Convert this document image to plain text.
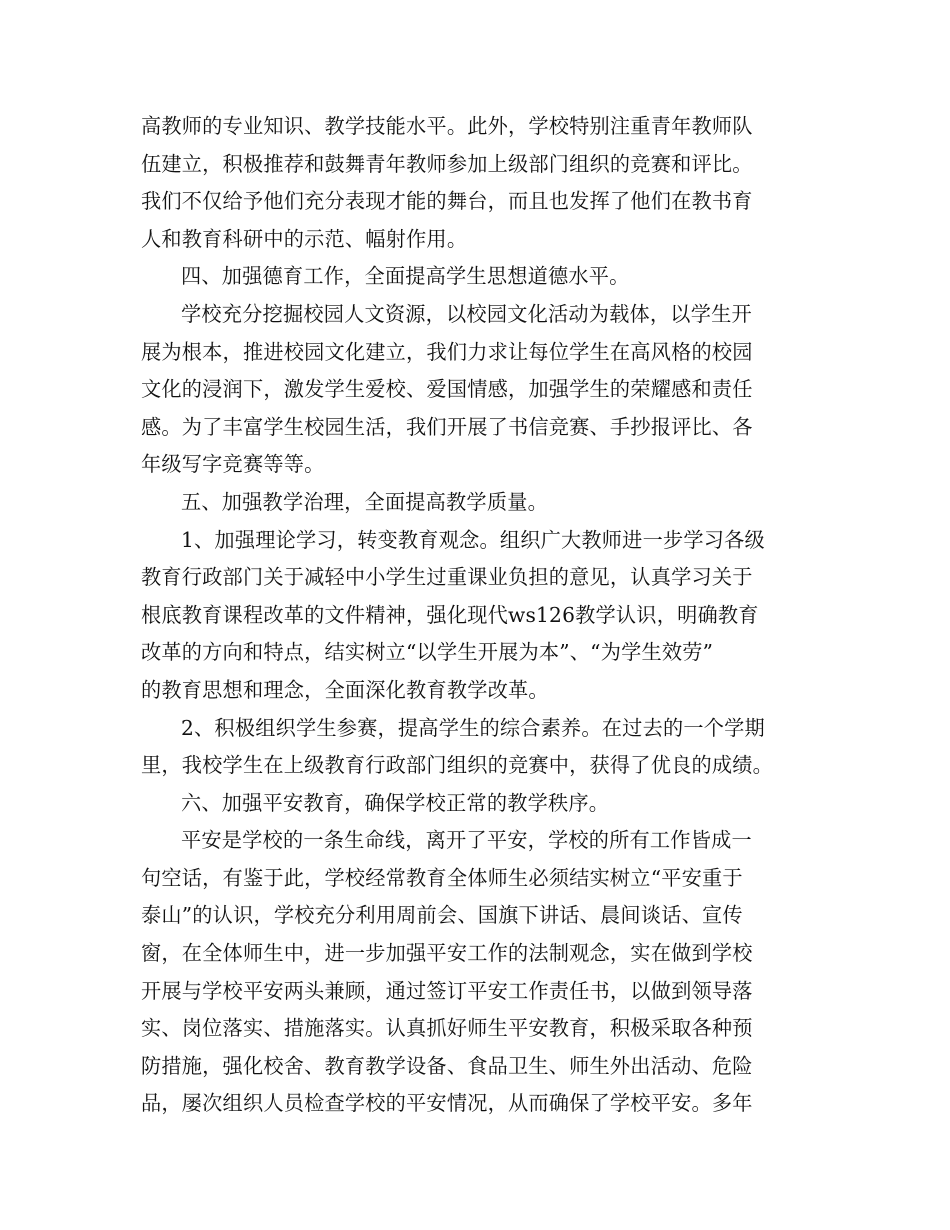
高教师的专业知识、教学技能水平。此外，学校特别注重青年教师队

伍建立，积极推荐和鼓舞青年教师参加上级部门组织的竞赛和评比。

我们不仅给予他们充分表现才能的舞台，而且也发挥了他们在教书育

人和教育科研中的示范、幅射作用。

四、加强德育工作，全面提高学生思想道德水平。

学校充分挖掘校园人文资源，以校园文化活动为载体，以学生开

展为根本，推进校园文化建立，我们力求让每位学生在高风格的校园

文化的浸润下，激发学生爱校、爱国情感，加强学生的荣耀感和责任

感。为了丰富学生校园生活，我们开展了书信竞赛、手抄报评比、各

年级写字竞赛等等。

五、加强教学治理，全面提高教学质量。

1、加强理论学习，转变教育观念。组织广大教师进一步学习各级

教育行政部门关于减轻中小学生过重课业负担的意见，认真学习关于

根底教育课程改革的文件精神，强化现代ws126教学认识，明确教育

改革的方向和特点，结实树立“以学生开展为本”、“为学生效劳”

的教育思想和理念，全面深化教育教学改革。

2、积极组织学生参赛，提高学生的综合素养。在过去的一个学期

里，我校学生在上级教育行政部门组织的竞赛中，获得了优良的成绩。

六、加强平安教育，确保学校正常的教学秩序。

平安是学校的一条生命线，离开了平安，学校的所有工作皆成一

句空话，有鉴于此，学校经常教育全体师生必须结实树立“平安重于

泰山”的认识，学校充分利用周前会、国旗下讲话、晨间谈话、宣传

窗，在全体师生中，进一步加强平安工作的法制观念，实在做到学校

开展与学校平安两头兼顾，通过签订平安工作责任书，以做到领导落

实、岗位落实、措施落实。认真抓好师生平安教育，积极采取各种预

防措施，强化校舍、教育教学设备、食品卫生、师生外出活动、危险

品，屡次组织人员检查学校的平安情况，从而确保了学校平安。多年
